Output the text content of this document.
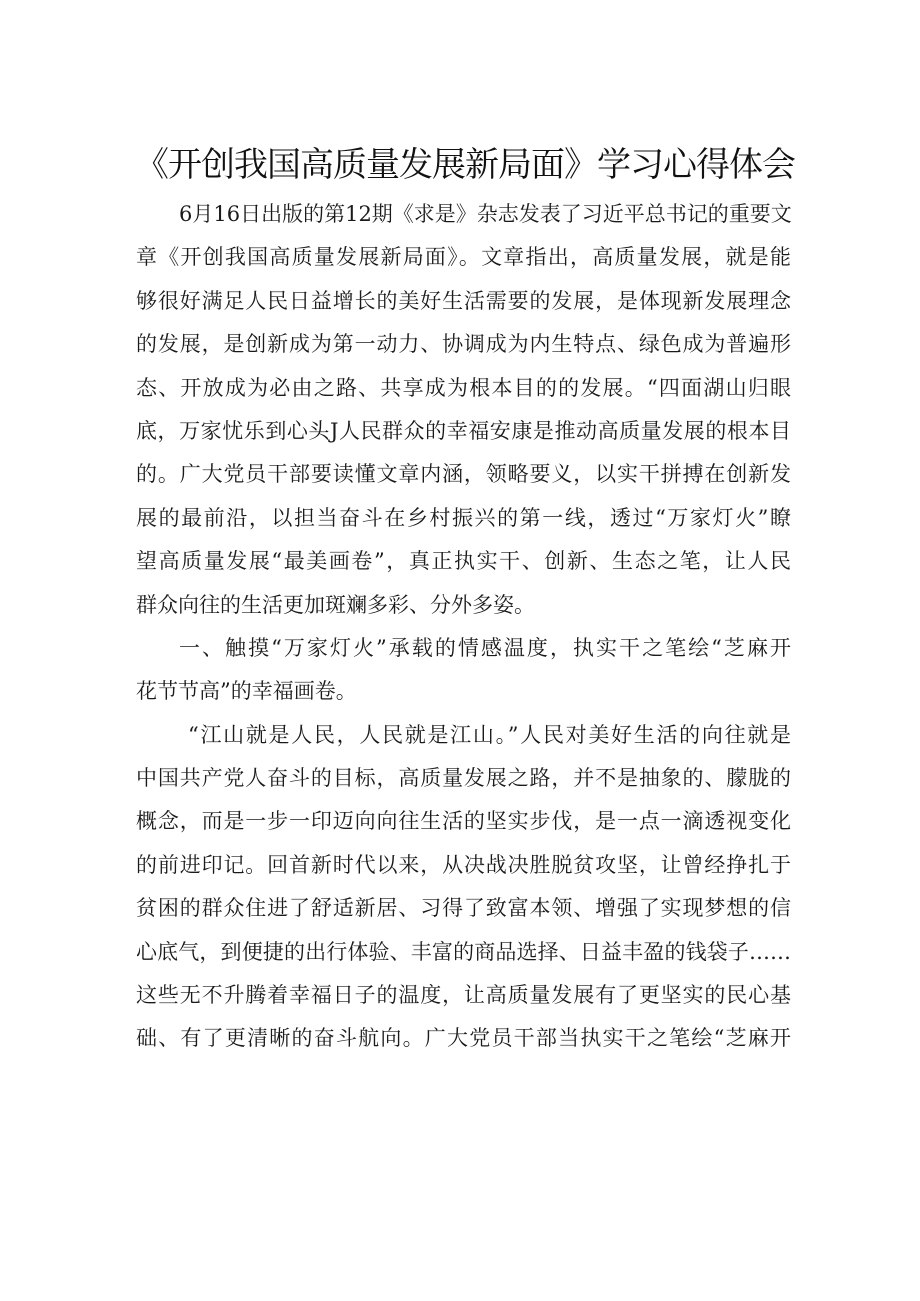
《开创我国高质量发展新局面》学习心得体会
6月16日出版的第12期《求是》杂志发表了习近平总书记的重要文
章《开创我国高质量发展新局面》。文章指出，高质量发展，就是能
够很好满足人民日益增长的美好生活需要的发展，是体现新发展理念
的发展，是创新成为第一动力、协调成为内生特点、绿色成为普遍形
态、开放成为必由之路、共享成为根本目的的发展。“四面湖山归眼
底，万家忧乐到心头J人民群众的幸福安康是推动高质量发展的根本目
的。广大党员干部要读懂文章内涵，领略要义，以实干拼搏在创新发
展的最前沿，以担当奋斗在乡村振兴的第一线，透过“万家灯火”瞭
望高质量发展“最美画卷”，真正执实干、创新、生态之笔，让人民
群众向往的生活更加斑斓多彩、分外多姿。
一、触摸“万家灯火”承载的情感温度，执实干之笔绘“芝麻开
花节节高”的幸福画卷。
“江山就是人民，人民就是江山。”人民对美好生活的向往就是
中国共产党人奋斗的目标，高质量发展之路，并不是抽象的、朦胧的
概念，而是一步一印迈向向往生活的坚实步伐，是一点一滴透视变化
的前进印记。回首新时代以来，从决战决胜脱贫攻坚，让曾经挣扎于
贫困的群众住进了舒适新居、习得了致富本领、增强了实现梦想的信
心底气，到便捷的出行体验、丰富的商品选择、日益丰盈的钱袋子……
这些无不升腾着幸福日子的温度，让高质量发展有了更坚实的民心基
础、有了更清晰的奋斗航向。广大党员干部当执实干之笔绘“芝麻开
